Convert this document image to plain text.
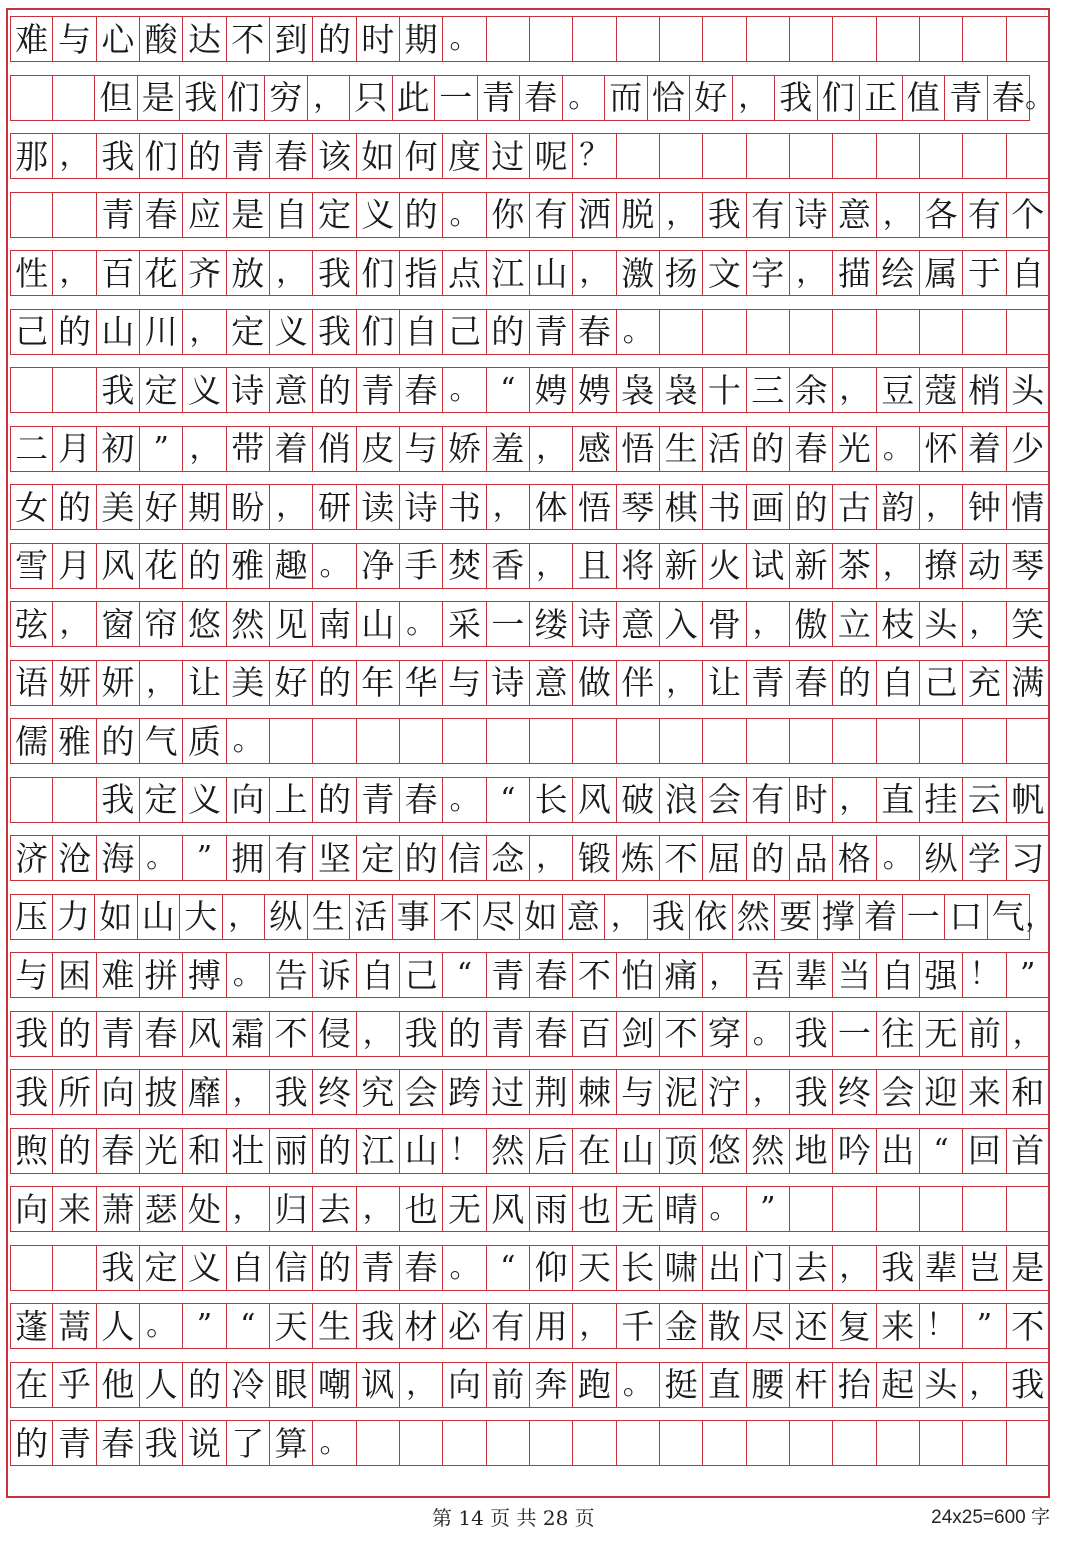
难 与 心 酸 达 不 到 的 时 期 。
但 是 我 们 穷 ， 只 此 一 青 春 。 而 恰 好 ， 我 们 正 值 青 春 。
那 ， 我 们 的 青 春 该 如 何 度 过 呢 ？
青 春 应 是 自 定 义 的 。 你 有 洒 脱 ， 我 有 诗 意 ， 各 有 个
性 ， 百 花 齐 放 ， 我 们 指 点 江 山 ， 激 扬 文 字 ， 描 绘 属 于 自
己 的 山 川 ， 定 义 我 们 自 己 的 青 春 。
我 定 义 诗 意 的 青 春 。 “ 娉 娉 袅 袅 十 三 余 ， 豆 蔻 梢 头
二 月 初 ” ， 带 着 俏 皮 与 娇 羞 ， 感 悟 生 活 的 春 光 。 怀 着 少
女 的 美 好 期 盼 ， 研 读 诗 书 ， 体 悟 琴 棋 书 画 的 古 韵 ， 钟 情
雪 月 风 花 的 雅 趣 。 净 手 焚 香 ， 且 将 新 火 试 新 茶 ， 撩 动 琴
弦 ， 窗 帘 悠 然 见 南 山 。 采 一 缕 诗 意 入 骨 ， 傲 立 枝 头 ， 笑
语 妍 妍 ， 让 美 好 的 年 华 与 诗 意 做 伴 ， 让 青 春 的 自 己 充 满
儒 雅 的 气 质 。
我 定 义 向 上 的 青 春 。 “ 长 风 破 浪 会 有 时 ， 直 挂 云 帆
济 沧 海 。 ” 拥 有 坚 定 的 信 念 ， 锻 炼 不 屈 的 品 格 。 纵 学 习
压 力 如 山 大 ， 纵 生 活 事 不 尽 如 意 ， 我 依 然 要 撑 着 一 口 气 ，
与 困 难 拼 搏 。 告 诉 自 己 “ 青 春 不 怕 痛 ， 吾 辈 当 自 强 ！ ”
我 的 青 春 风 霜 不 侵 ， 我 的 青 春 百 剑 不 穿 。 我 一 往 无 前 ，
我 所 向 披 靡 ， 我 终 究 会 跨 过 荆 棘 与 泥 泞 ， 我 终 会 迎 来 和
煦 的 春 光 和 壮 丽 的 江 山 ！ 然 后 在 山 顶 悠 然 地 吟 出 “ 回 首
向 来 萧 瑟 处 ， 归 去 ， 也 无 风 雨 也 无 晴 。 ”
我 定 义 自 信 的 青 春 。 “ 仰 天 长 啸 出 门 去 ， 我 辈 岂 是
蓬 蒿 人 。 ” “ 天 生 我 材 必 有 用 ， 千 金 散 尽 还 复 来 ！ ” 不
在 乎 他 人 的 冷 眼 嘲 讽 ， 向 前 奔 跑 。 挺 直 腰 杆 抬 起 头 ， 我
的 青 春 我 说 了 算 。
第 14 页 共 28 页	24x25=600 字
